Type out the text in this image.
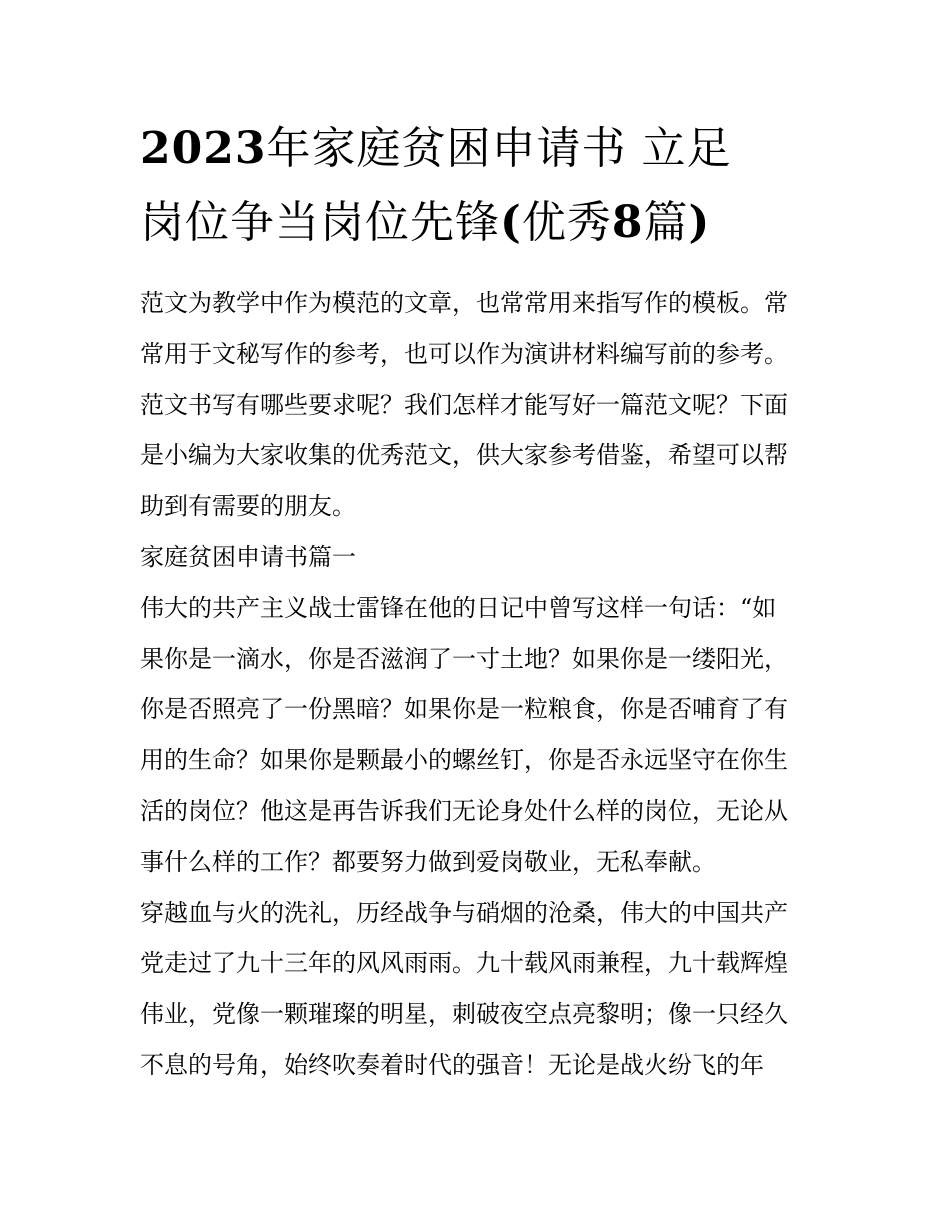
2023年家庭贫困申请书 立足
岗位争当岗位先锋(优秀8篇)
范文为教学中作为模范的文章，也常常用来指写作的模板。常
常用于文秘写作的参考，也可以作为演讲材料编写前的参考。
范文书写有哪些要求呢？我们怎样才能写好一篇范文呢？下面
是小编为大家收集的优秀范文，供大家参考借鉴，希望可以帮
助到有需要的朋友。
家庭贫困申请书篇一
伟大的共产主义战士雷锋在他的日记中曾写这样一句话：“如
果你是一滴水，你是否滋润了一寸土地？如果你是一缕阳光，
你是否照亮了一份黑暗？如果你是一粒粮食，你是否哺育了有
用的生命？如果你是颗最小的螺丝钉，你是否永远坚守在你生
活的岗位？他这是再告诉我们无论身处什么样的岗位，无论从
事什么样的工作？都要努力做到爱岗敬业，无私奉献。
穿越血与火的洗礼，历经战争与硝烟的沧桑，伟大的中国共产
党走过了九十三年的风风雨雨。九十载风雨兼程，九十载辉煌
伟业，党像一颗璀璨的明星，刺破夜空点亮黎明；像一只经久
不息的号角，始终吹奏着时代的强音！无论是战火纷飞的年
